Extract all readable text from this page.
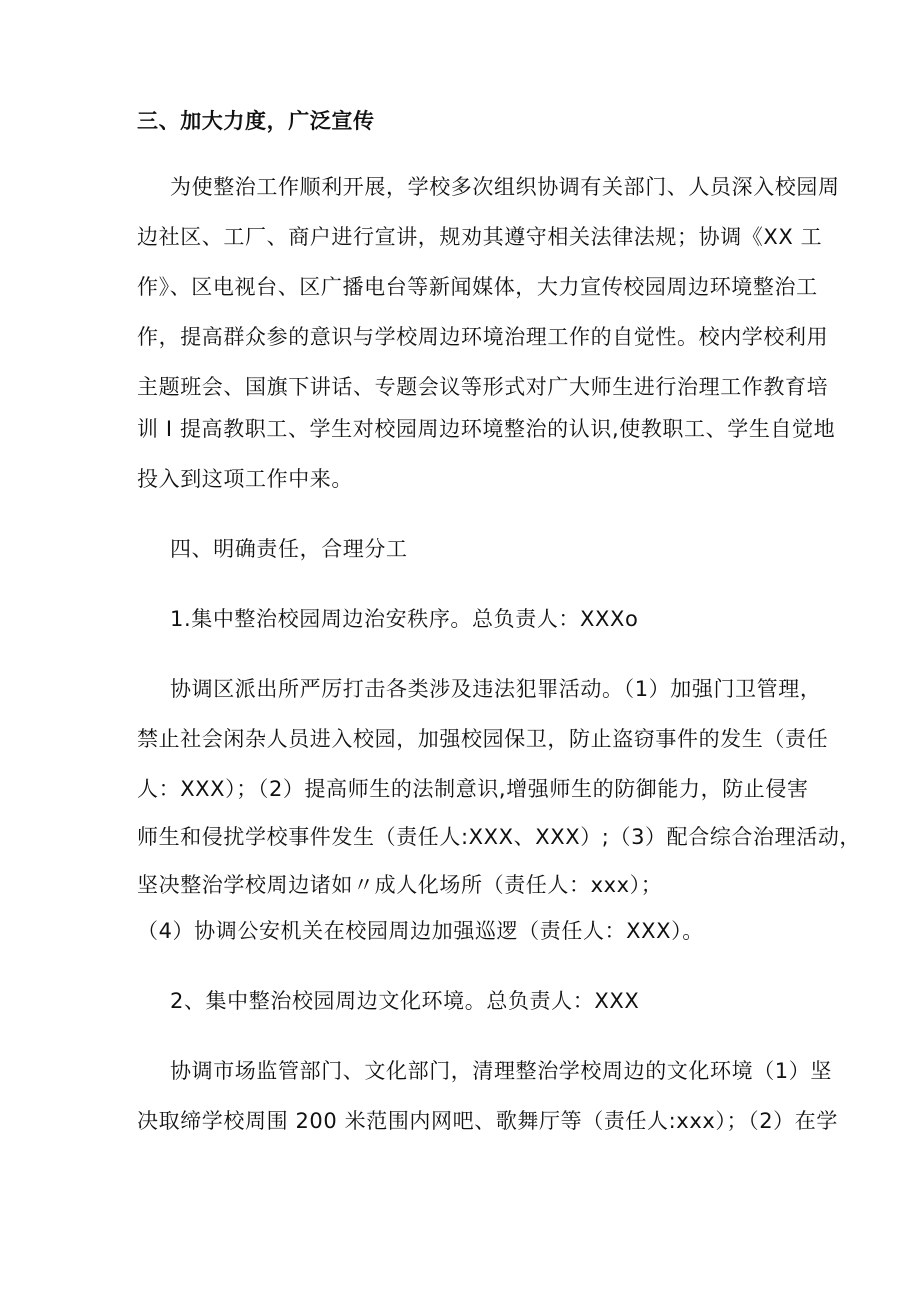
三、加大力度，广泛宣传
为使整治工作顺利开展，学校多次组织协调有关部门、人员深入校园周
边社区、工厂、商户进行宣讲，规劝其遵守相关法律法规；协调《XX 工
作》、区电视台、区广播电台等新闻媒体，大力宣传校园周边环境整治工
作，提高群众参的意识与学校周边环境治理工作的自觉性。校内学校利用
主题班会、国旗下讲话、专题会议等形式对广大师生进行治理工作教育培
训 I 提高教职工、学生对校园周边环境整治的认识,使教职工、学生自觉地
投入到这项工作中来。
四、明确责任，合理分工
1.集中整治校园周边治安秩序。总负责人：XXXo
协调区派出所严厉打击各类涉及违法犯罪活动。（1）加强门卫管理，
禁止社会闲杂人员进入校园，加强校园保卫，防止盗窃事件的发生（责任
人：XXX）；（2）提高师生的法制意识,增强师生的防御能力，防止侵害
师生和侵扰学校事件发生（责任人:XXX、XXX）;（3）配合综合治理活动，
坚决整治学校周边诸如〃成人化场所（责任人：xxx）；
（4）协调公安机关在校园周边加强巡逻（责任人：XXX）。
2、集中整治校园周边文化环境。总负责人：XXX
协调市场监管部门、文化部门，清理整治学校周边的文化环境（1）坚
决取缔学校周围 200 米范围内网吧、歌舞厅等（责任人:xxx）；（2）在学
